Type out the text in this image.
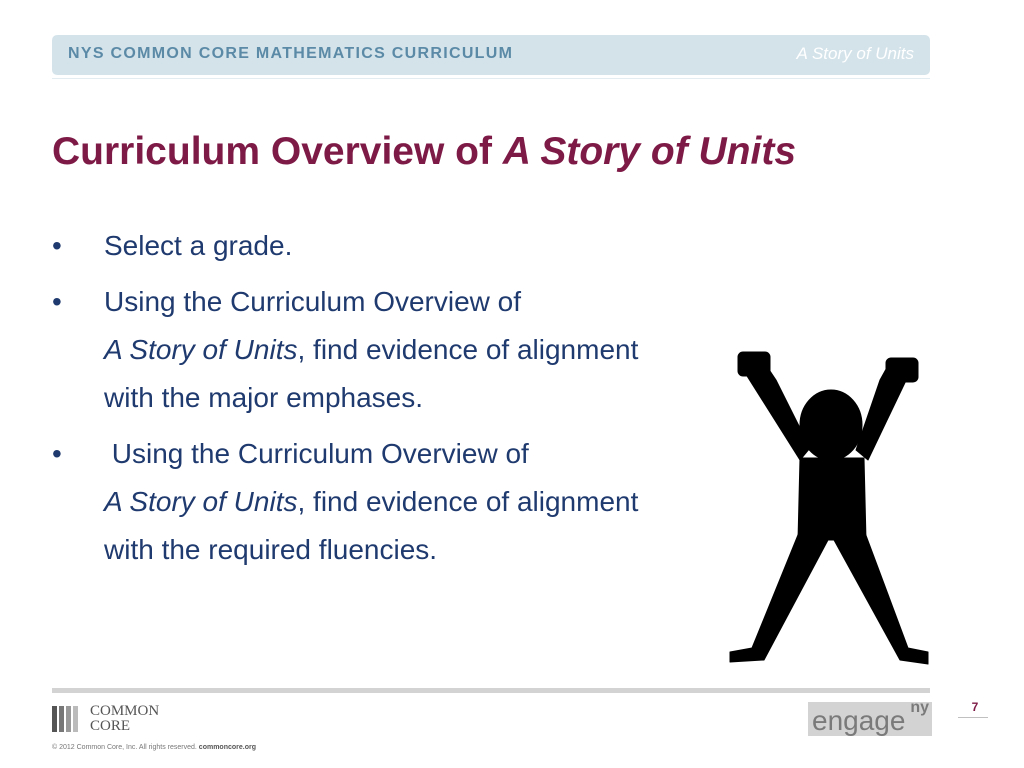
NYS COMMON CORE MATHEMATICS CURRICULUM	A Story of Units
Curriculum Overview of A Story of Units
• Select a grade.
• Using the Curriculum Overview of
A Story of Units, find evidence of alignment with the major emphases.
• Using the Curriculum Overview of
A Story of Units, find evidence of alignment with the required fluencies.
COMMON
CORE
© 2012 Common Core, Inc. All rights reserved. commoncore.org
engage ny	7
